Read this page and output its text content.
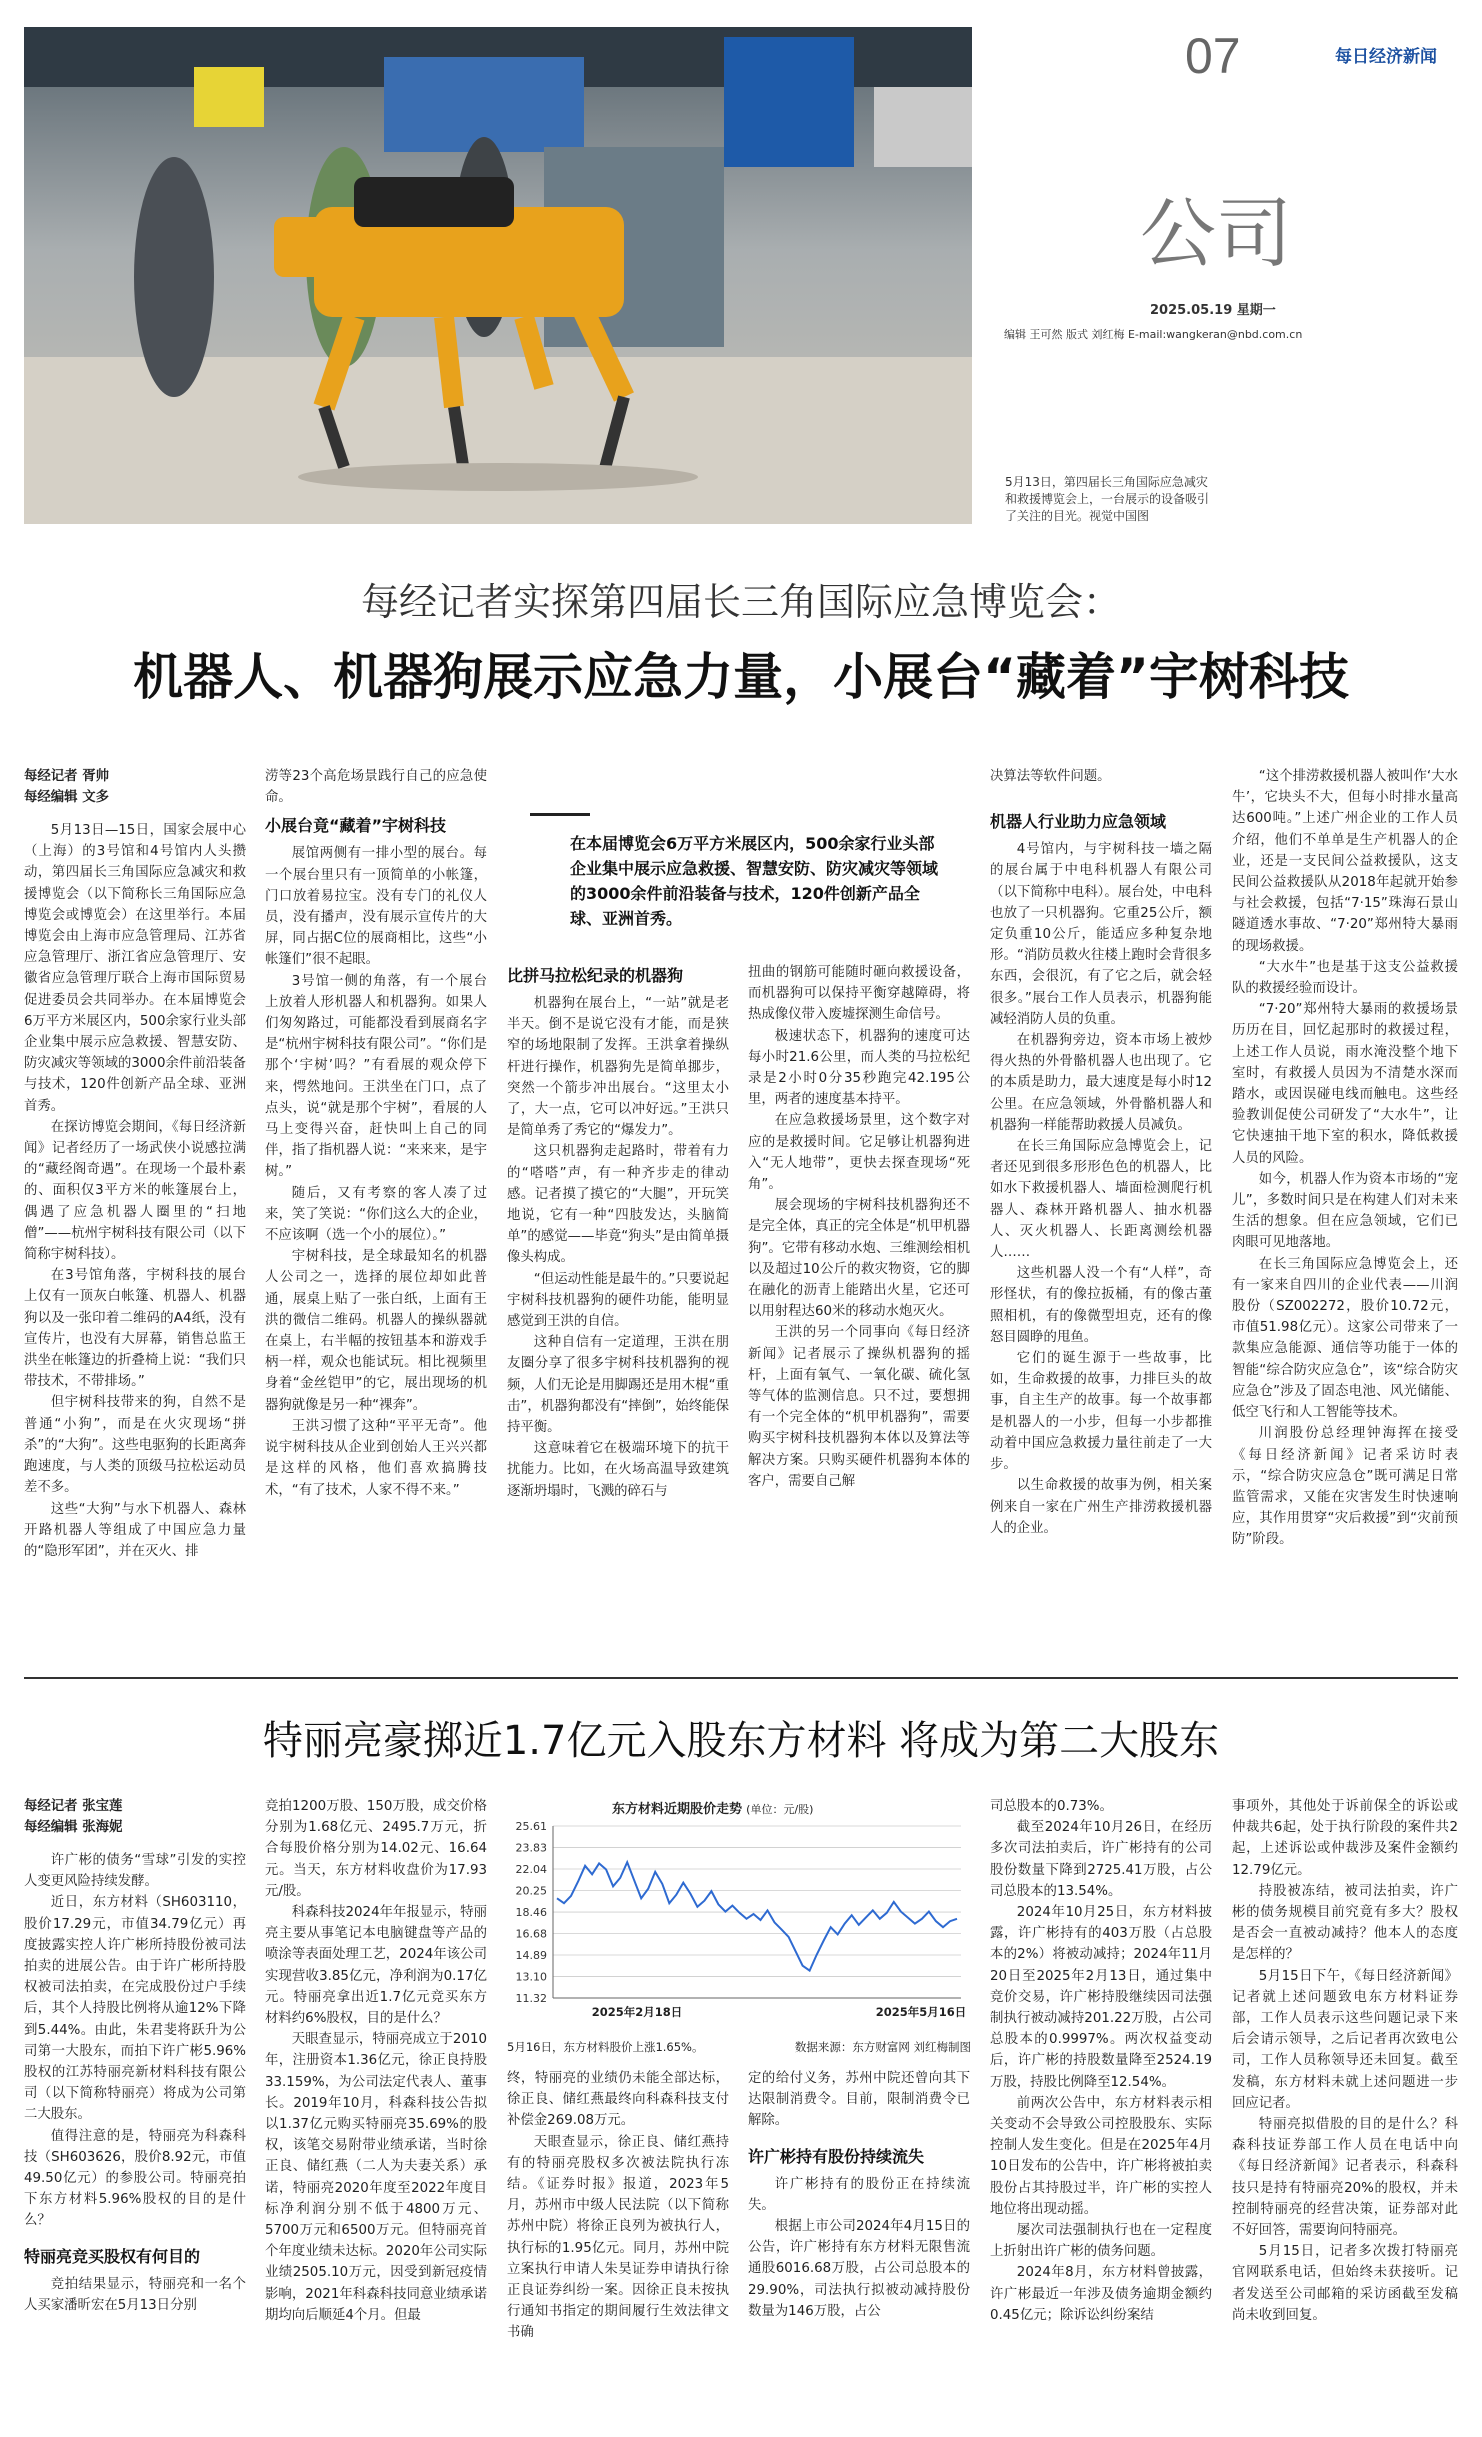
07	每日经济新闻
公司
2025.05.19 星期一
编辑 王可然 版式 刘红梅 E-mail:wangkeran@nbd.com.cn
5月13日，第四届长三角国际应急减灾和救援博览会上，一台展示的设备吸引了关注的目光。视觉中国图
每经记者实探第四届长三角国际应急博览会：
机器人、机器狗展示应急力量，小展台“藏着”宇树科技

每经记者 胥帅

每经编辑 文多

5月13日—15日，国家会展中心（上海）的3号馆和4号馆内人头攒动，第四届长三角国际应急减灾和救援博览会（以下简称长三角国际应急博览会或博览会）在这里举行。本届博览会由上海市应急管理局、江苏省应急管理厅、浙江省应急管理厅、安徽省应急管理厅联合上海市国际贸易促进委员会共同举办。在本届博览会6万平方米展区内，500余家行业头部企业集中展示应急救援、智慧安防、防灾减灾等领域的3000余件前沿装备与技术，120件创新产品全球、亚洲首秀。

在探访博览会期间，《每日经济新闻》记者经历了一场武侠小说感拉满的“藏经阁奇遇”。在现场一个最朴素的、面积仅3平方米的帐篷展台上，偶遇了应急机器人圈里的“扫地僧”——杭州宇树科技有限公司（以下简称宇树科技）。

在3号馆角落，宇树科技的展台上仅有一顶灰白帐篷、机器人、机器狗以及一张印着二维码的A4纸，没有宣传片，也没有大屏幕，销售总监王洪坐在帐篷边的折叠椅上说：“我们只带技术，不带排场。”

但宇树科技带来的狗，自然不是普通“小狗”，而是在火灾现场“拼杀”的“大狗”。这些电驱狗的长距离奔跑速度，与人类的顶级马拉松运动员差不多。

这些“大狗”与水下机器人、森林开路机器人等组成了中国应急力量的“隐形军团”，并在灭火、排

涝等23个高危场景践行自己的应急使命。

小展台竟“藏着”宇树科技

展馆两侧有一排小型的展台。每一个展台里只有一顶简单的小帐篷，门口放着易拉宝。没有专门的礼仪人员，没有播声，没有展示宣传片的大屏，同占据C位的展商相比，这些“小帐篷们”很不起眼。

3号馆一侧的角落，有一个展台上放着人形机器人和机器狗。如果人们匆匆路过，可能都没看到展商名字是“杭州宇树科技有限公司”。“你们是那个‘宇树’吗？”有看展的观众停下来，愕然地问。王洪坐在门口，点了点头，说“就是那个宇树”，看展的人马上变得兴奋，赶快叫上自己的同伴，指了指机器人说：“来来来，是宇树。”

随后，又有考察的客人凑了过来，笑了笑说：“你们这么大的企业，不应该啊（选一个小的展位）。”

宇树科技，是全球最知名的机器人公司之一，选择的展位却如此普通，展桌上贴了一张白纸，上面有王洪的微信二维码。机器人的操纵器就在桌上，右半幅的按钮基本和游戏手柄一样，观众也能试玩。相比视频里身着“金丝铠甲”的它，展出现场的机器狗就像是另一种“裸奔”。

王洪习惯了这种“平平无奇”。他说宇树科技从企业到创始人王兴兴都是这样的风格，他们喜欢搞腾技术，“有了技术，人家不得不来。”

在本届博览会6万平方米展区内，500余家行业头部企业集中展示应急救援、智慧安防、防灾减灾等领域的3000余件前沿装备与技术，120件创新产品全球、亚洲首秀。
比拼马拉松纪录的机器狗

机器狗在展台上，“一站”就是老半天。倒不是说它没有才能，而是狭窄的场地限制了发挥。王洪拿着操纵杆进行操作，机器狗先是简单挪步，突然一个箭步冲出展台。“这里太小了，大一点，它可以冲好远。”王洪只是简单秀了秀它的“爆发力”。

这只机器狗走起路时，带着有力的“嗒嗒”声，有一种齐步走的律动感。记者摸了摸它的“大腿”，开玩笑地说，它有一种“四肢发达，头脑简单”的感觉——毕竟“狗头”是由简单摄像头构成。

“但运动性能是最牛的。”只要说起宇树科技机器狗的硬件功能，能明显感觉到王洪的自信。

这种自信有一定道理，王洪在朋友圈分享了很多宇树科技机器狗的视频，人们无论是用脚踢还是用木棍“重击”，机器狗都没有“摔倒”，始终能保持平衡。

这意味着它在极端环境下的抗干扰能力。比如，在火场高温导致建筑逐渐坍塌时，飞溅的碎石与

扭曲的钢筋可能随时砸向救援设备，而机器狗可以保持平衡穿越障碍，将热成像仪带入废墟探测生命信号。

极速状态下，机器狗的速度可达每小时21.6公里，而人类的马拉松纪录是2小时0分35秒跑完42.195公里，两者的速度基本持平。

在应急救援场景里，这个数字对应的是救援时间。它足够让机器狗进入“无人地带”，更快去探查现场“死角”。

展会现场的宇树科技机器狗还不是完全体，真正的完全体是“机甲机器狗”。它带有移动水炮、三维测绘相机以及超过10公斤的救灾物资，它的脚在融化的沥青上能踏出火星，它还可以用射程达60米的移动水炮灭火。

王洪的另一个同事向《每日经济新闻》记者展示了操纵机器狗的摇杆，上面有氧气、一氧化碳、硫化氢等气体的监测信息。只不过，要想拥有一个完全体的“机甲机器狗”，需要购买宇树科技机器狗本体以及算法等解决方案。只购买硬件机器狗本体的客户，需要自己解

决算法等软件问题。

机器人行业助力应急领域

4号馆内，与宇树科技一墙之隔的展台属于中电科机器人有限公司（以下简称中电科）。展台处，中电科也放了一只机器狗。它重25公斤，额定负重10公斤，能适应多种复杂地形。“消防员救火往楼上跑时会背很多东西，会很沉，有了它之后，就会轻很多。”展台工作人员表示，机器狗能减轻消防人员的负重。

在机器狗旁边，资本市场上被炒得火热的外骨骼机器人也出现了。它的本质是助力，最大速度是每小时12公里。在应急领域，外骨骼机器人和机器狗一样能帮助救援人员减负。

在长三角国际应急博览会上，记者还见到很多形形色色的机器人，比如水下救援机器人、墙面检测爬行机器人、森林开路机器人、抽水机器人、灭火机器人、长距离测绘机器人……

这些机器人没一个有“人样”，奇形怪状，有的像拉扳桶，有的像古董照相机，有的像微型坦克，还有的像怒目圆睁的甩鱼。

它们的诞生源于一些故事，比如，生命救援的故事，力排巨头的故事，自主生产的故事。每一个故事都是机器人的一小步，但每一小步都推动着中国应急救援力量往前走了一大步。

以生命救援的故事为例，相关案例来自一家在广州生产排涝救援机器人的企业。

“这个排涝救援机器人被叫作‘大水牛’，它块头不大，但每小时排水量高达600吨。”上述广州企业的工作人员介绍，他们不单单是生产机器人的企业，还是一支民间公益救援队，这支民间公益救援队从2018年起就开始参与社会救援，包括“7·15”珠海石景山隧道透水事故、“7·20”郑州特大暴雨的现场救援。

“大水牛”也是基于这支公益救援队的救援经验而设计。

“7·20”郑州特大暴雨的救援场景历历在目，回忆起那时的救援过程，上述工作人员说，雨水淹没整个地下室时，有救援人员因为不清楚水深而踏水，或因误碰电线而触电。这些经验教训促使公司研发了“大水牛”，让它快速抽干地下室的积水，降低救援人员的风险。

如今，机器人作为资本市场的“宠儿”，多数时间只是在构建人们对未来生活的想象。但在应急领域，它们已肉眼可见地落地。

在长三角国际应急博览会上，还有一家来自四川的企业代表——川润股份（SZ002272，股价10.72元，市值51.98亿元）。这家公司带来了一款集应急能源、通信等功能于一体的智能“综合防灾应急仓”，该“综合防灾应急仓”涉及了固态电池、风光储能、低空飞行和人工智能等技术。

川润股份总经理钟海挥在接受《每日经济新闻》记者采访时表示，“综合防灾应急仓”既可满足日常监管需求，又能在灾害发生时快速响应，其作用贯穿“灾后救援”到“灾前预防”阶段。

特丽亮豪掷近1.7亿元入股东方材料 将成为第二大股东

每经记者 张宝莲

每经编辑 张海妮

许广彬的债务“雪球”引发的实控人变更风险持续发酵。

近日，东方材料（SH603110，股价17.29元，市值34.79亿元）再度披露实控人许广彬所持股份被司法拍卖的进展公告。由于许广彬所持股权被司法拍卖，在完成股份过户手续后，其个人持股比例将从逾12%下降到5.44%。由此，朱君斐将跃升为公司第一大股东，而拍下许广彬5.96%股权的江苏特丽亮新材料科技有限公司（以下简称特丽亮）将成为公司第二大股东。

值得注意的是，特丽亮为科森科技（SH603626，股价8.92元，市值49.50亿元）的参股公司。特丽亮拍下东方材料5.96%股权的目的是什么？

特丽亮竞买股权有何目的

竞拍结果显示，特丽亮和一名个人买家潘昕宏在5月13日分别

竞拍1200万股、150万股，成交价格分别为1.68亿元、2495.7万元，折合每股价格分别为14.02元、16.64元。当天，东方材料收盘价为17.93元/股。

科森科技2024年年报显示，特丽亮主要从事笔记本电脑键盘等产品的喷涂等表面处理工艺，2024年该公司实现营收3.85亿元，净利润为0.17亿元。特丽亮拿出近1.7亿元竞买东方材料约6%股权，目的是什么？

天眼查显示，特丽亮成立于2010年，注册资本1.36亿元，徐正良持股33.159%，为公司法定代表人、董事长。2019年10月，科森科技公告拟以1.37亿元购买特丽亮35.69%的股权，该笔交易附带业绩承诺，当时徐正良、储红燕（二人为夫妻关系）承诺，特丽亮2020年度至2022年度目标净利润分别不低于4800万元、5700万元和6500万元。但特丽亮首个年度业绩未达标。2020年公司实际业绩2505.10万元，因受到新冠疫情影响，2021年科森科技同意业绩承诺期均向后顺延4个月。但最

东方材料近期股价走势 (单位：元/股)
25.61
23.83
22.04
20.25
18.46
16.68
14.89
13.10
11.32
2025年2月18日	2025年5月16日
5月16日，东方材料股价上涨1.65%。	数据来源：东方财富网 刘红梅制图

终，特丽亮的业绩仍未能全部达标，徐正良、储红燕最终向科森科技支付补偿金269.08万元。

天眼查显示，徐正良、储红燕持有的特丽亮股权多次被法院执行冻结。《证券时报》报道，2023年5月，苏州市中级人民法院（以下简称苏州中院）将徐正良列为被执行人，执行标的1.95亿元。同月，苏州中院立案执行申请人朱昊证券申请执行徐正良证券纠纷一案。因徐正良未按执行通知书指定的期间履行生效法律文书确

定的给付义务，苏州中院还曾向其下达限制消费令。目前，限制消费令已解除。

许广彬持有股份持续流失

许广彬持有的股份正在持续流失。

根据上市公司2024年4月15日的公告，许广彬持有东方材料无限售流通股6016.68万股，占公司总股本的29.90%，司法执行拟被动减持股份数量为146万股，占公

司总股本的0.73%。

截至2024年10月26日，在经历多次司法拍卖后，许广彬持有的公司股份数量下降到2725.41万股，占公司总股本的13.54%。

2024年10月25日，东方材料披露，许广彬持有的403万股（占总股本的2%）将被动减持；2024年11月20日至2025年2月13日，通过集中竞价交易，许广彬持股继续因司法强制执行被动减持201.22万股，占公司总股本的0.9997%。两次权益变动后，许广彬的持股数量降至2524.19万股，持股比例降至12.54%。

前两次公告中，东方材料表示相关变动不会导致公司控股股东、实际控制人发生变化。但是在2025年4月10日发布的公告中，许广彬将被拍卖股份占其持股过半，许广彬的实控人地位将出现动摇。

屡次司法强制执行也在一定程度上折射出许广彬的债务问题。

2024年8月，东方材料曾披露，许广彬最近一年涉及债务逾期金额约0.45亿元；除诉讼纠纷案结

事项外，其他处于诉前保全的诉讼或仲裁共6起，处于执行阶段的案件共2起，上述诉讼或仲裁涉及案件金额约12.79亿元。

持股被冻结，被司法拍卖，许广彬的债务规模目前究竟有多大？股权是否会一直被动减持？他本人的态度是怎样的？

5月15日下午，《每日经济新闻》记者就上述问题致电东方材料证券部，工作人员表示这些问题记录下来后会请示领导，之后记者再次致电公司，工作人员称领导还未回复。截至发稿，东方材料未就上述问题进一步回应记者。

特丽亮拟借股的目的是什么？科森科技证券部工作人员在电话中向《每日经济新闻》记者表示，科森科技只是持有特丽亮20%的股权，并未控制特丽亮的经营决策，证券部对此不好回答，需要询问特丽亮。

5月15日，记者多次拨打特丽亮官网联系电话，但始终未获接听。记者发送至公司邮箱的采访函截至发稿尚未收到回复。
